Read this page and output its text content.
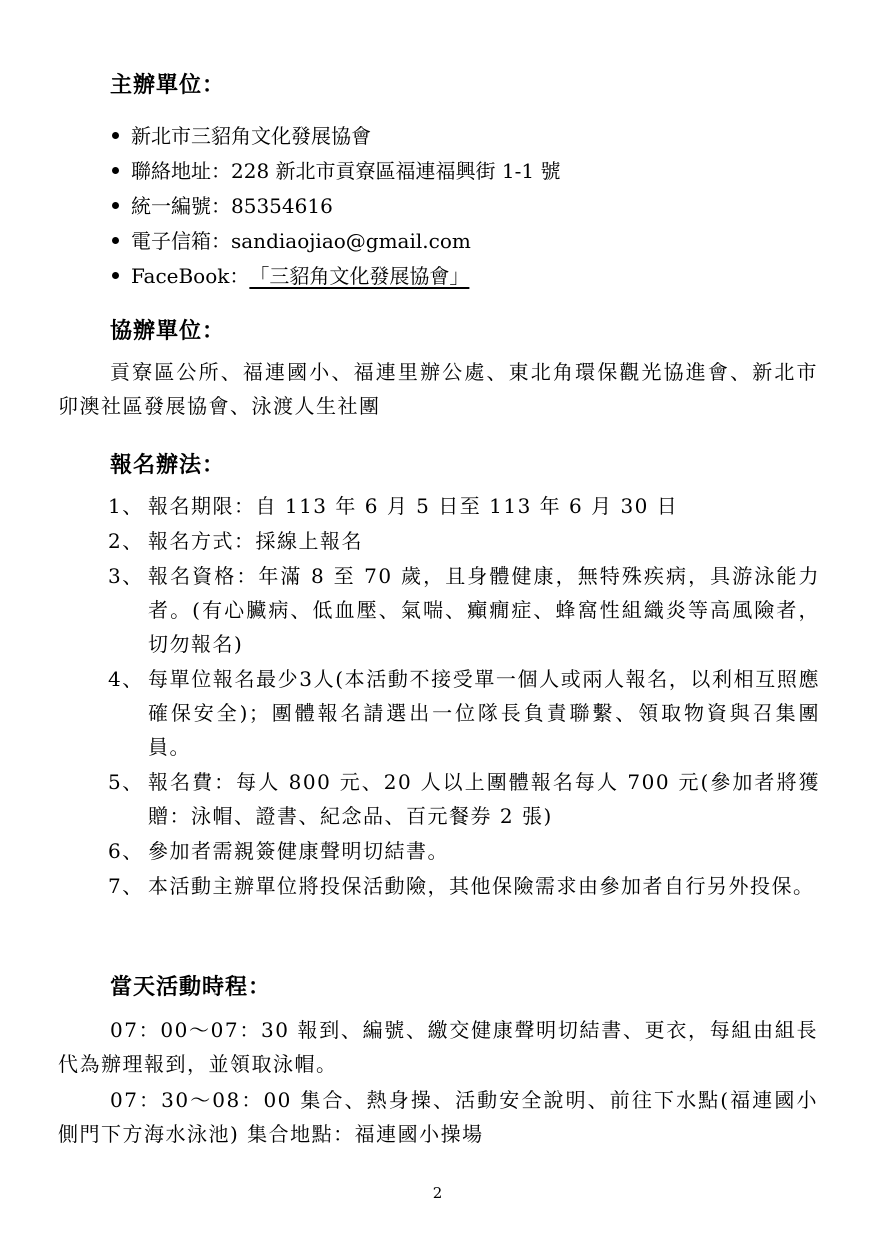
主辦單位：
新北市三貂角文化發展協會
聯絡地址：228 新北市貢寮區福連福興街 1-1 號
統一編號：85354616
電子信箱：sandiaojiao@gmail.com
FaceBook： 「三貂角文化發展協會」
協辦單位：

貢寮區公所、福連國小、福連里辦公處、東北角環保觀光協進會、新北市卯澳社區發展協會、泳渡人生社團

報名辦法：
1、 報名期限：自 113 年 6 月 5 日至 113 年 6 月 30 日
2、 報名方式：採線上報名
3、 報名資格：年滿 8 至 70 歲，且身體健康，無特殊疾病，具游泳能力者。(有心臟病、低血壓、氣喘、癲癇症、蜂窩性組織炎等高風險者，切勿報名)
4、 每單位報名最少3人(本活動不接受單一個人或兩人報名，以利相互照應確保安全)；團體報名請選出一位隊長負責聯繫、領取物資與召集團員。
5、 報名費：每人 800 元、20 人以上團體報名每人 700 元(參加者將獲贈：泳帽、證書、紀念品、百元餐券 2 張)
6、 參加者需親簽健康聲明切結書。
7、 本活動主辦單位將投保活動險，其他保險需求由參加者自行另外投保。
當天活動時程：

07：00～07：30 報到、編號、繳交健康聲明切結書、更衣，每組由組長代為辦理報到，並領取泳帽。

07：30～08：00 集合、熱身操、活動安全說明、前往下水點(福連國小側門下方海水泳池) 集合地點：福連國小操場

2
